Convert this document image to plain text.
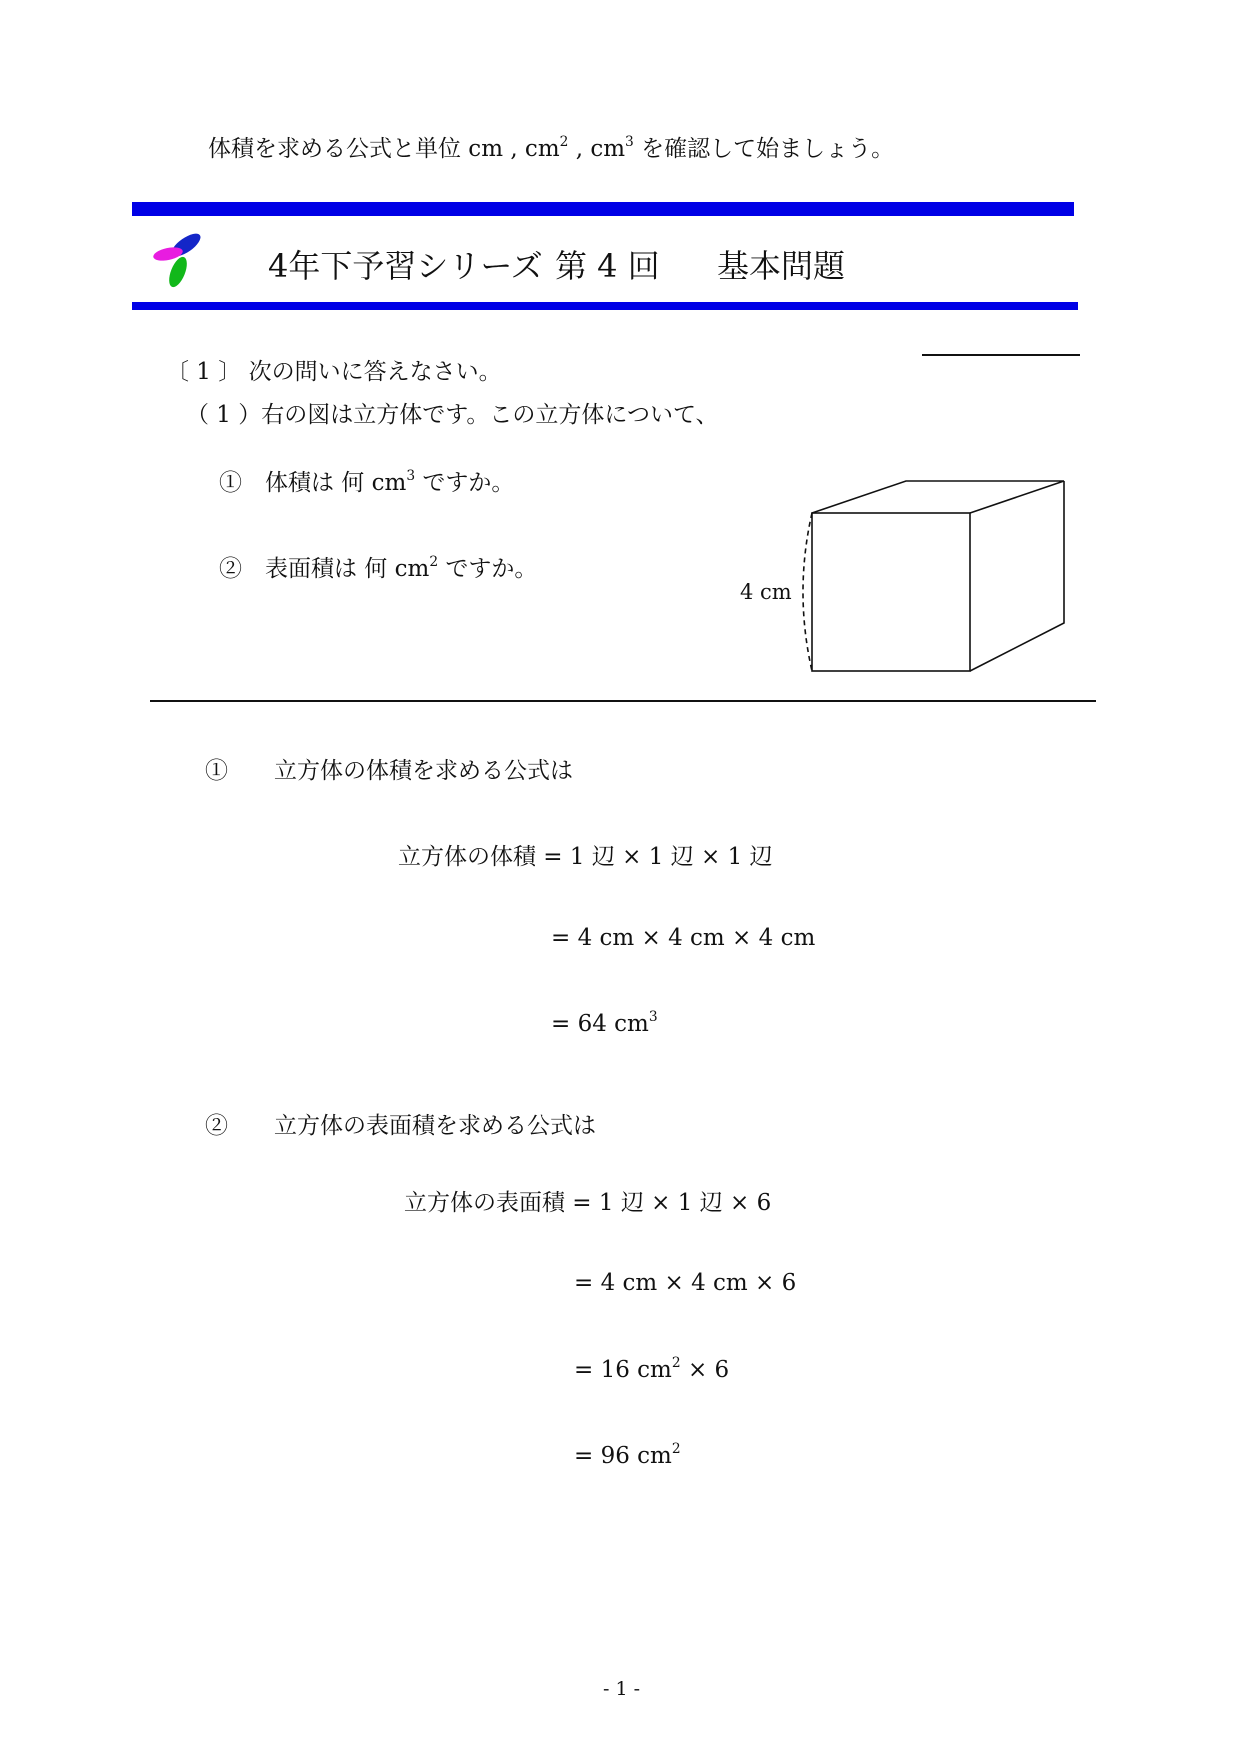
体積を求める公式と単位 cm , $cm^2$ , $cm^3$ を確認して始ましょう。
4年下予習シリーズ 第 4 回 基本問題
〔 1 〕 次の問いに答えなさい。
（ 1 ）右の図は立方体です。この立方体について、
①　体積は 何 $cm^3$ ですか。
②　表面積は 何 $cm^2$ ですか。
4 cm
①　　立方体の体積を求める公式は
立方体の体積 = 1 辺 × 1 辺 × 1 辺
= 4 cm × 4 cm × 4 cm
= 64 $cm^3$
②　　立方体の表面積を求める公式は
立方体の表面積 = 1 辺 × 1 辺 × 6
= 4 cm × 4 cm × 6
= 16 $cm^2 \times 6$
= 96 $cm^2$
- 1 -
